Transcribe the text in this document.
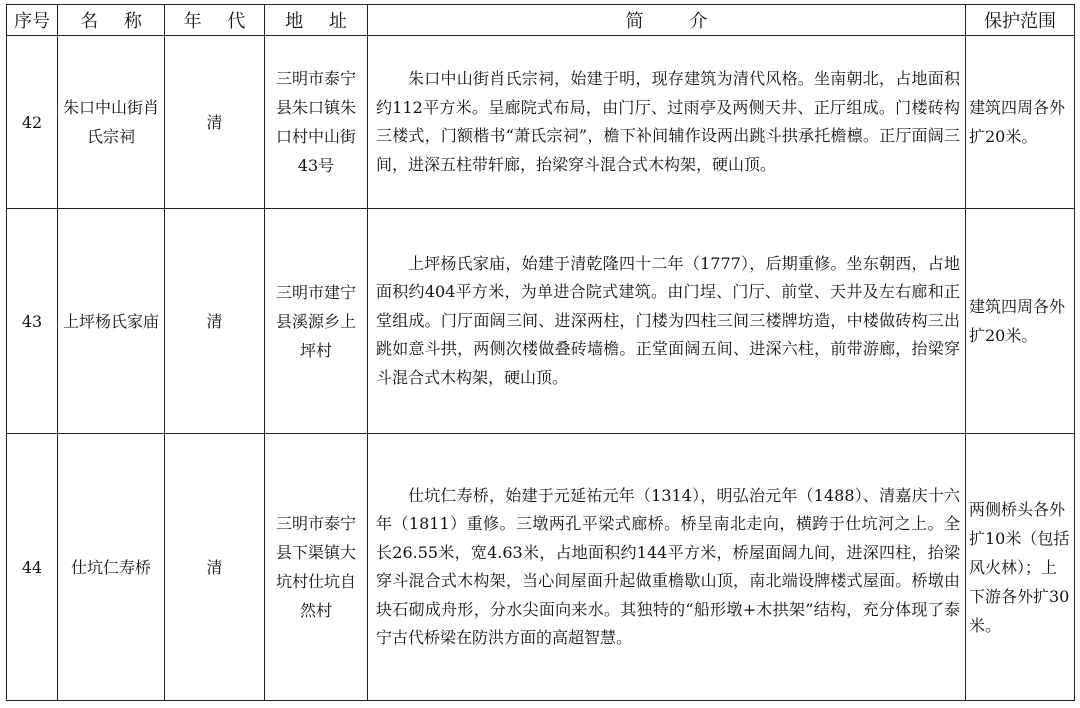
序号	名 称	年 代	地 址	简 介	保护范围
42	朱口中山街肖氏宗祠	清	三明市泰宁县朱口镇朱口村中山街43号	朱口中山街肖氏宗祠，始建于明，现存建筑为清代风格。坐南朝北，占地面积约112平方米。呈廊院式布局，由门厅、过雨亭及两侧天井、正厅组成。门楼砖构三楼式，门额楷书“萧氏宗祠”，檐下补间辅作设两出跳斗拱承托檐檩。正厅面阔三间，进深五柱带轩廊，抬梁穿斗混合式木构架，硬山顶。	建筑四周各外扩20米。
43	上坪杨氏家庙	清	三明市建宁县溪源乡上坪村	上坪杨氏家庙，始建于清乾隆四十二年（1777），后期重修。坐东朝西，占地面积约404平方米，为单进合院式建筑。由门埕、门厅、前堂、天井及左右廊和正堂组成。门厅面阔三间、进深两柱，门楼为四柱三间三楼牌坊造，中楼做砖构三出跳如意斗拱，两侧次楼做叠砖墙檐。正堂面阔五间、进深六柱，前带游廊，抬梁穿斗混合式木构架，硬山顶。	建筑四周各外扩20米。
44	仕坑仁寿桥	清	三明市泰宁县下渠镇大坑村仕坑自然村	仕坑仁寿桥，始建于元延祐元年（1314），明弘治元年（1488）、清嘉庆十六年（1811）重修。三墩两孔平梁式廊桥。桥呈南北走向，横跨于仕坑河之上。全长26.55米，宽4.63米，占地面积约144平方米，桥屋面阔九间，进深四柱，抬梁穿斗混合式木构架，当心间屋面升起做重檐歇山顶，南北端设牌楼式屋面。桥墩由块石砌成舟形，分水尖面向来水。其独特的“船形墩+木拱架”结构，充分体现了泰宁古代桥梁在防洪方面的高超智慧。	两侧桥头各外扩10米（包括风火林）；上下游各外扩30米。
